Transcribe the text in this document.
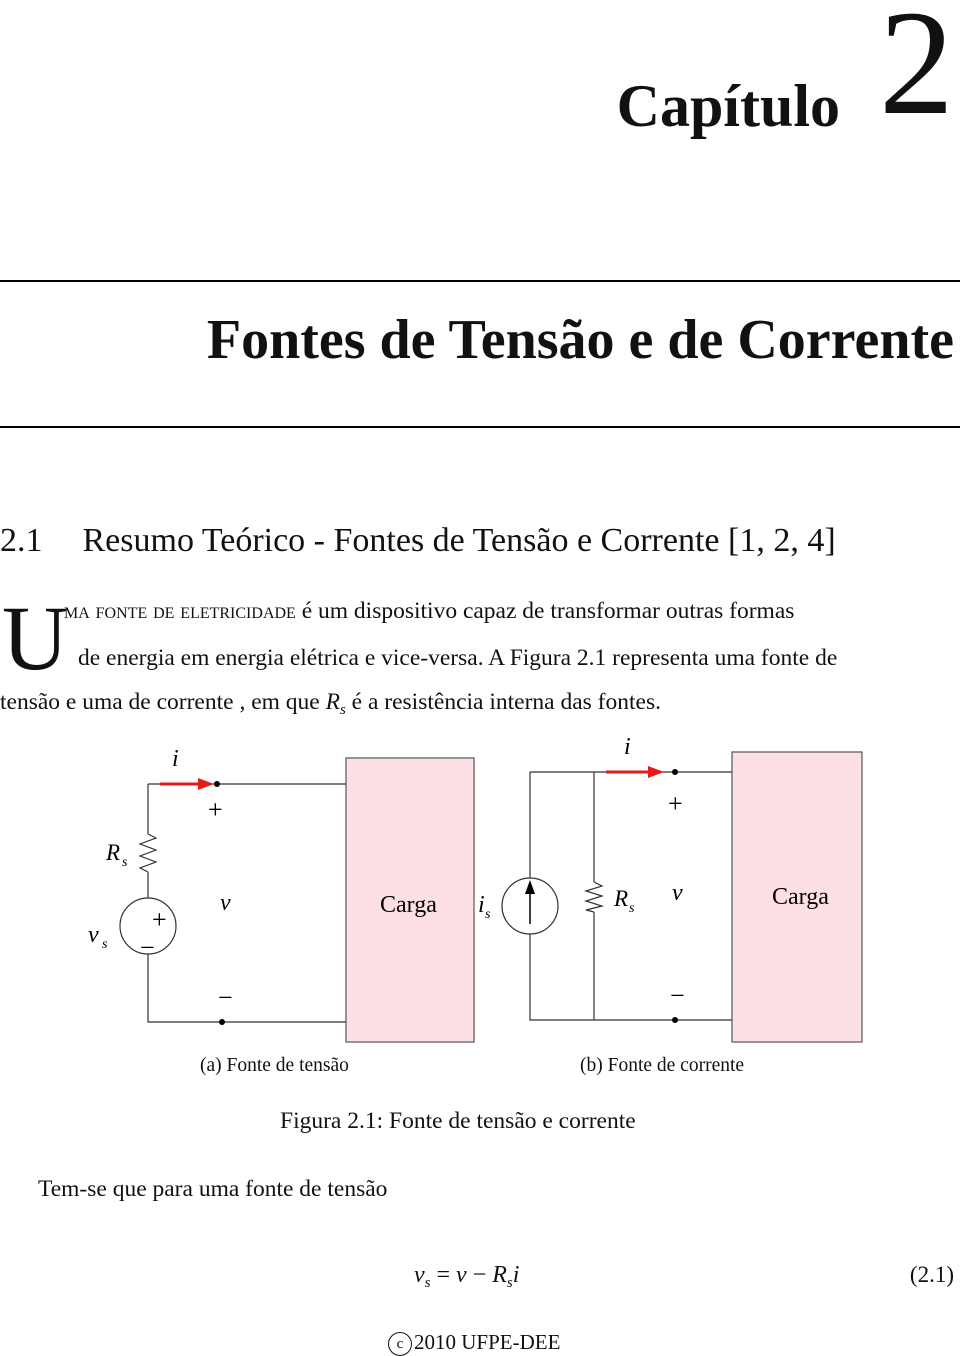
Capítulo 2
Fontes de Tensão e de Corrente
2.1 Resumo Teórico - Fontes de Tensão e Corrente [1, 2, 4]
U
ma fonte de eletricidade é um dispositivo capaz de transformar outras formas
de energia em energia elétrica e vice-versa. A Figura 2.1 representa uma fonte de
tensão e uma de corrente , em que $R_s$ é a resistência interna das fontes.
+
−
i
+
v
−
R s
v s
Carga
i
+
v
−
i s
R s	Carga
(a) Fonte de tensão	(b) Fonte de corrente
Figura 2.1: Fonte de tensão e corrente
Tem-se que para uma fonte de tensão
$v_s = v - R_si$	(2.1)
c 2010 UFPE-DEE
